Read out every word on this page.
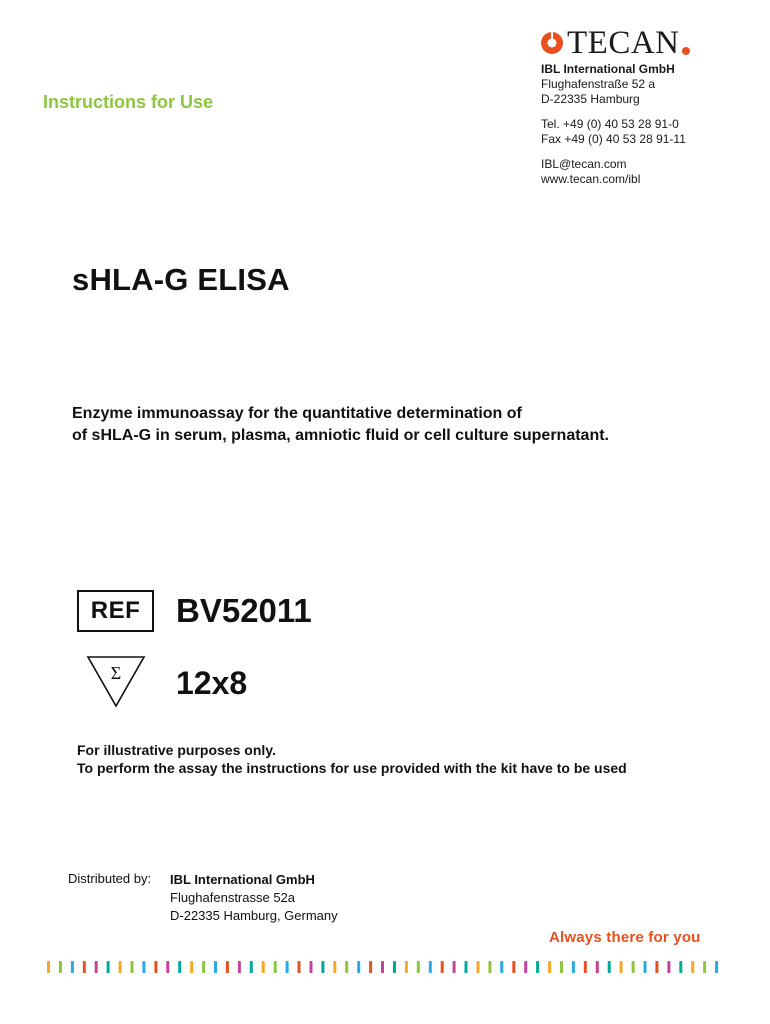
TECAN
IBL International GmbH
Flughafenstraße 52 a
D-22335 Hamburg
Tel. +49 (0) 40 53 28 91-0
Fax +49 (0) 40 53 28 91-11
IBL@tecan.com
www.tecan.com/ibl
Instructions for Use
sHLA-G ELISA
Enzyme immunoassay for the quantitative determination of
of sHLA-G in serum, plasma, amniotic fluid or cell culture supernatant.
REF	BV52011
Σ 12x8
For illustrative purposes only.
To perform the assay the instructions for use provided with the kit have to be used
Distributed by: IBL International GmbH
Flughafenstrasse 52a
D-22335 Hamburg, Germany
Always there for you
